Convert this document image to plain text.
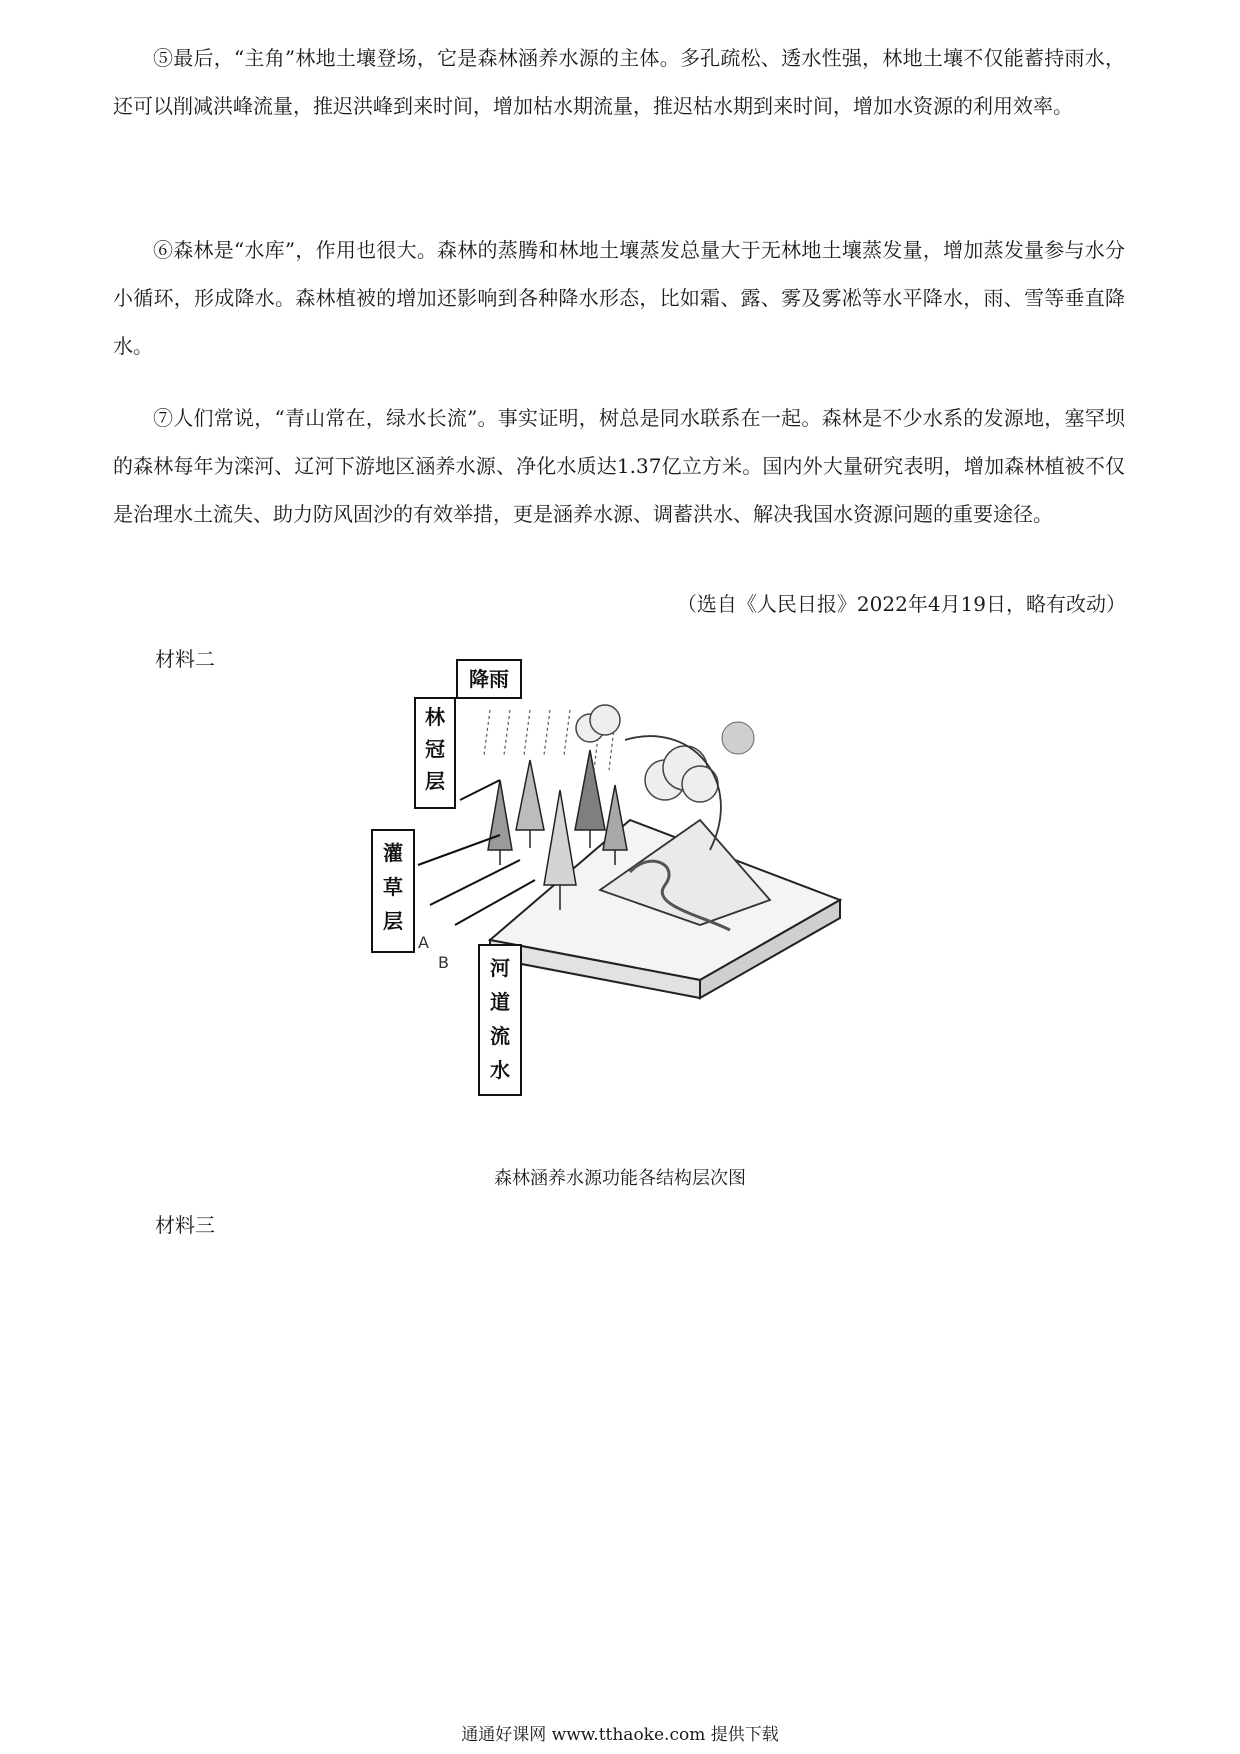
⑤最后，“主角”林地土壤登场，它是森林涵养水源的主体。多孔疏松、透水性强，林地土壤不仅能蓄持雨水，还可以削减洪峰流量，推迟洪峰到来时间，增加枯水期流量，推迟枯水期到来时间，增加水资源的利用效率。

⑥森林是“水库”，作用也很大。森林的蒸腾和林地土壤蒸发总量大于无林地土壤蒸发量，增加蒸发量参与水分小循环，形成降水。森林植被的增加还影响到各种降水形态，比如霜、露、雾及雾凇等水平降水，雨、雪等垂直降水。

⑦人们常说，“青山常在，绿水长流”。事实证明，树总是同水联系在一起。森林是不少水系的发源地，塞罕坝的森林每年为滦河、辽河下游地区涵养水源、净化水质达1.37亿立方米。国内外大量研究表明，增加森林植被不仅是治理水土流失、助力防风固沙的有效举措，更是涵养水源、调蓄洪水、解决我国水资源问题的重要途径。

（选自《人民日报》2022年4月19日，略有改动）

材料二

降雨
林
冠
层
灌
草
层
A
B 河
道
流
水

森林涵养水源功能各结构层次图

材料三

通通好课网 www.tthaoke.com 提供下载
